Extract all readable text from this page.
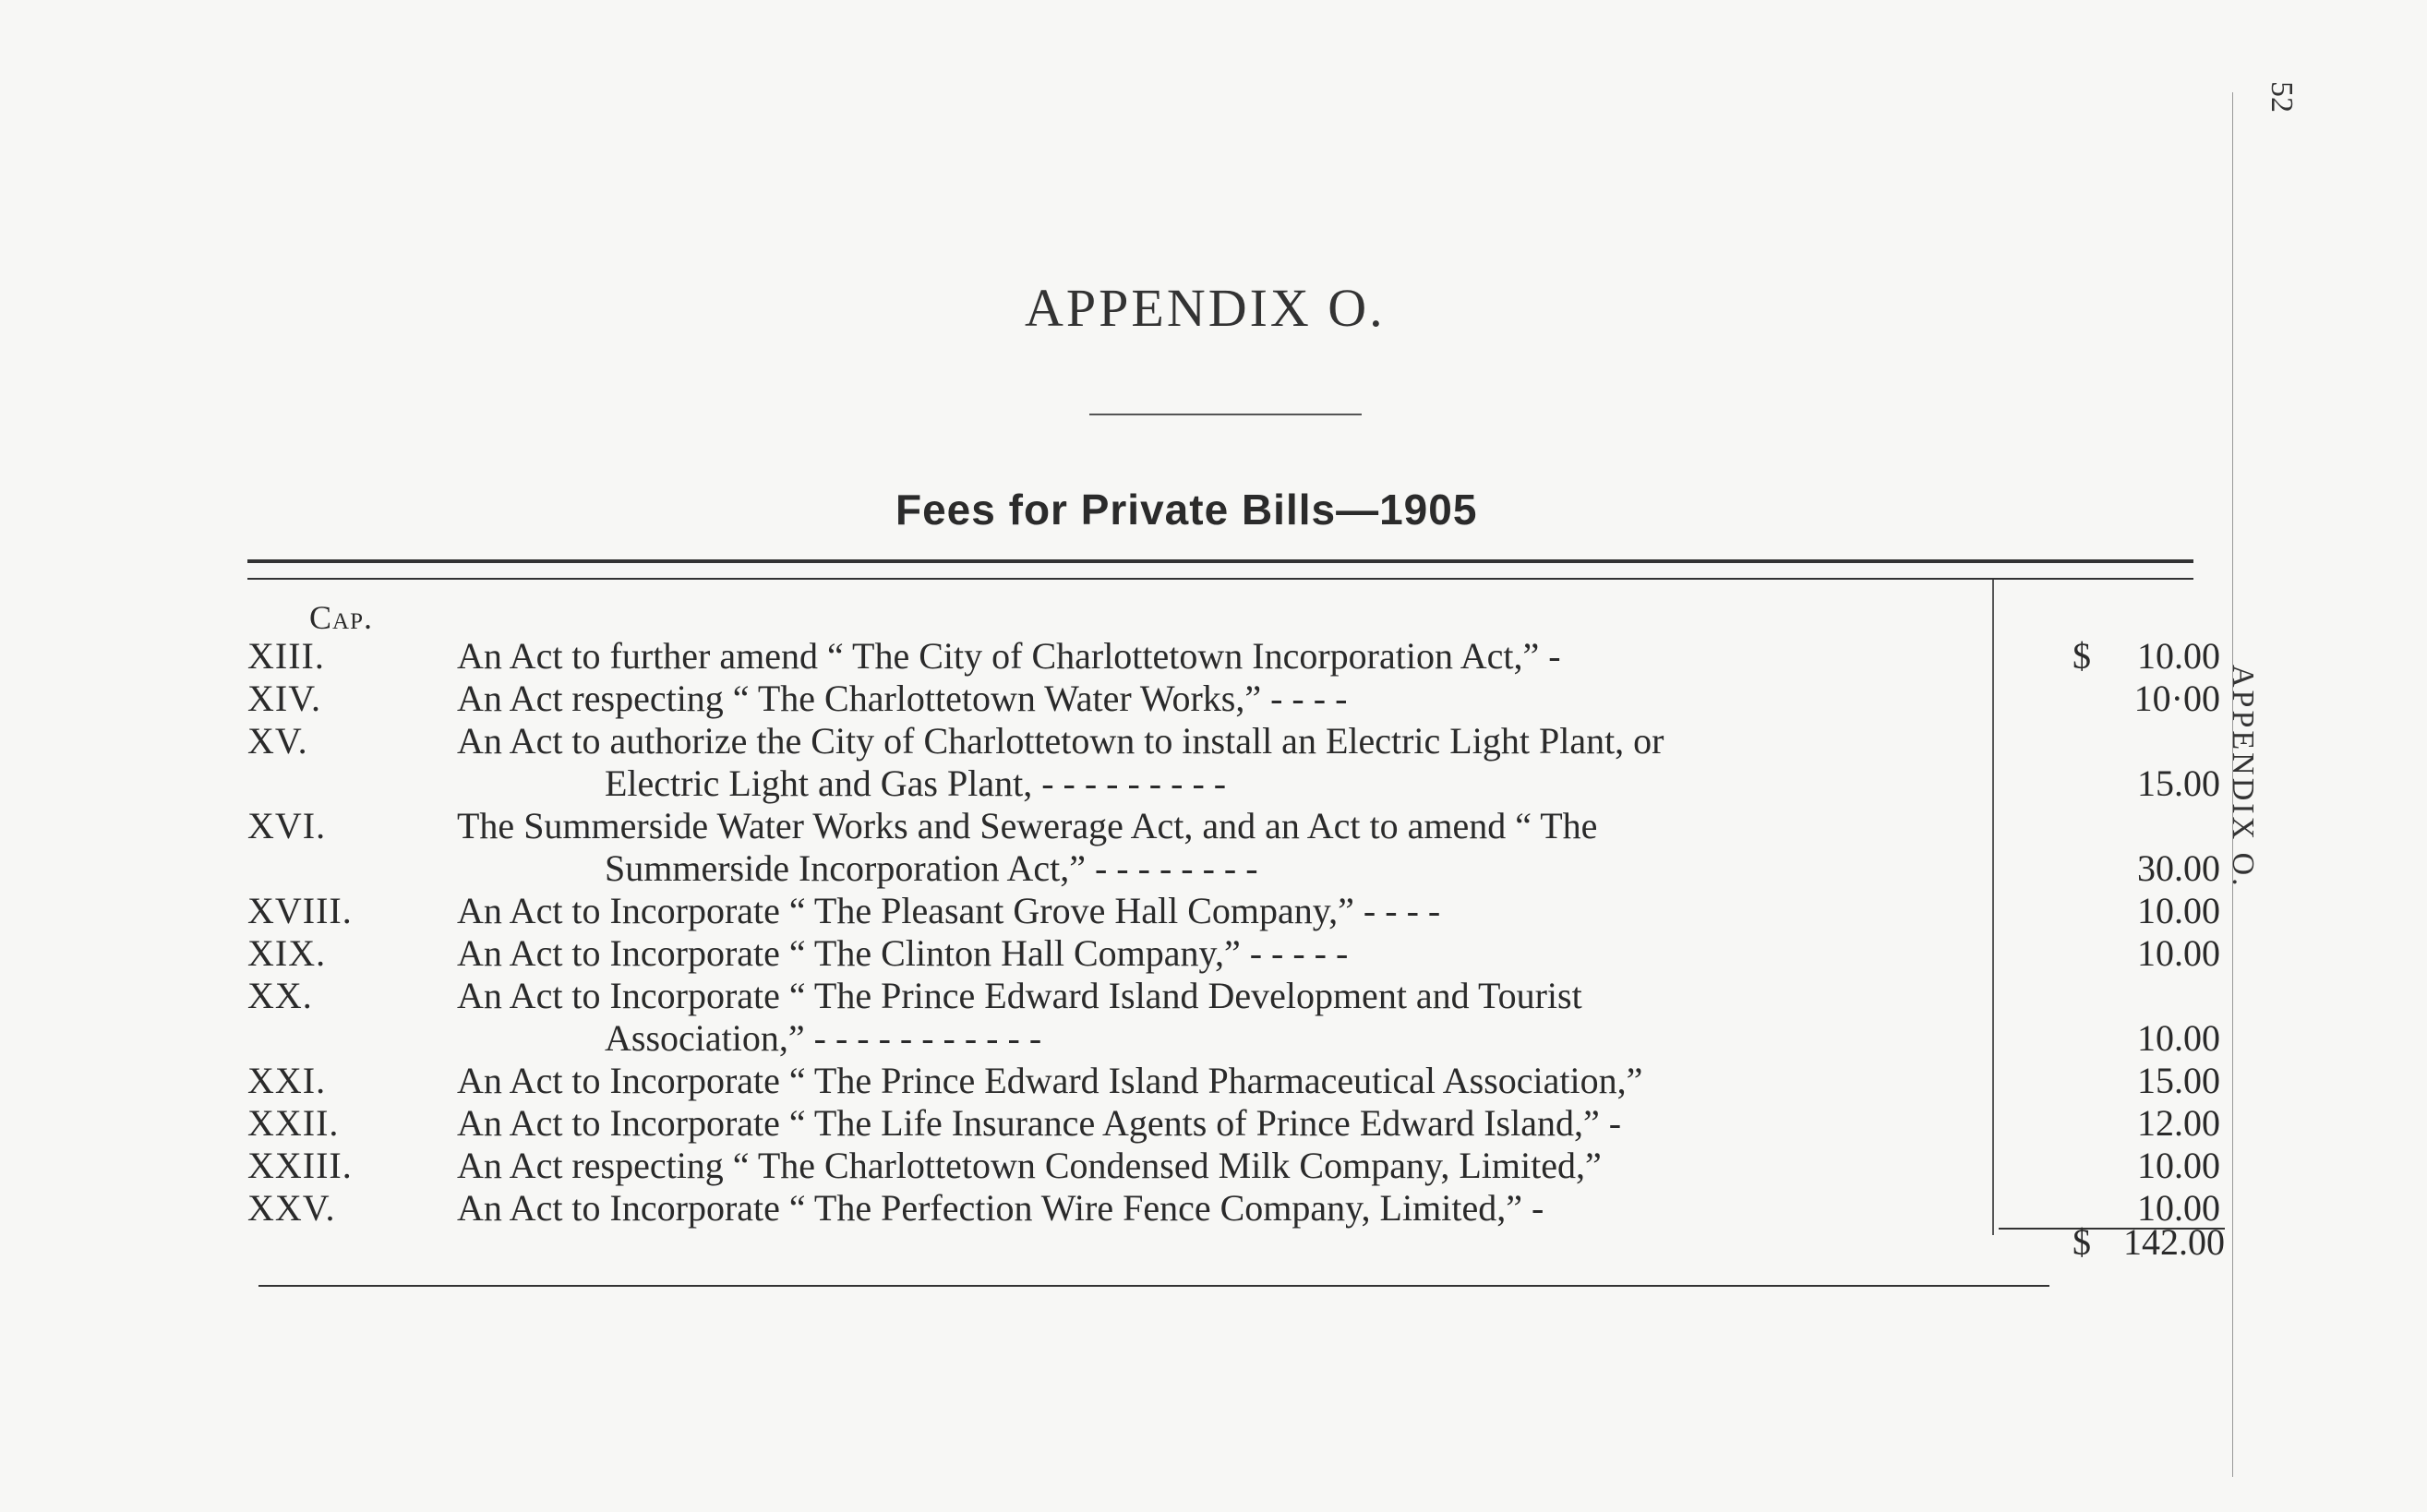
APPENDIX O.
Fees for Private Bills—1905
Cap.
XIII.	An Act to further amend “ The City of Charlottetown Incorporation Act,” -	10.00
$
XIV.	An Act respecting “ The Charlottetown Water Works,” - - - -	10·00
XV.	An Act to authorize the City of Charlottetown to install an Electric Light Plant, or
Electric Light and Gas Plant, - - - - - - - - -	15.00
XVI.	The Summerside Water Works and Sewerage Act, and an Act to amend “ The
Summerside Incorporation Act,” - - - - - - - -	30.00
XVIII.	An Act to Incorporate “ The Pleasant Grove Hall Company,” - - - -	10.00
XIX.	An Act to Incorporate “ The Clinton Hall Company,” - - - - -	10.00
XX.	An Act to Incorporate “ The Prince Edward Island Development and Tourist
Association,” - - - - - - - - - - -	10.00
XXI.	An Act to Incorporate “ The Prince Edward Island Pharmaceutical Association,”	15.00
XXII.	An Act to Incorporate “ The Life Insurance Agents of Prince Edward Island,” -	12.00
XXIII.	An Act respecting “ The Charlottetown Condensed Milk Company, Limited,”	10.00
XXV.	An Act to Incorporate “ The Perfection Wire Fence Company, Limited,” -	10.00
$ 142.00
APPENDIX O.
52
